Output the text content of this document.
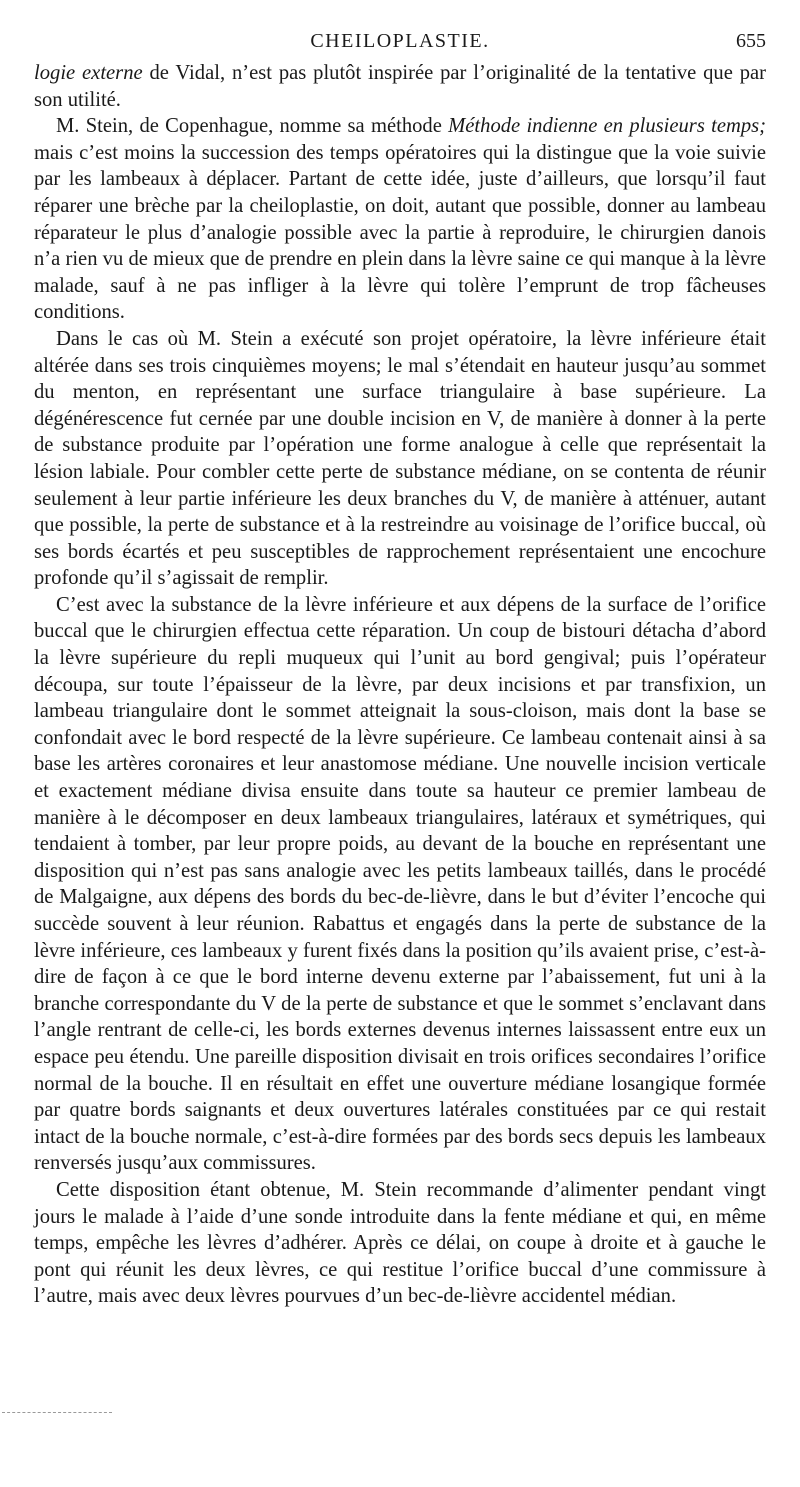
CHEILOPLASTIE.	655

logie externe de Vidal, n’est pas plutôt inspirée par l’originalité de la tentative que par son utilité.

M. Stein, de Copenhague, nomme sa méthode Méthode indienne en plusieurs temps; mais c’est moins la succession des temps opératoires qui la distingue que la voie suivie par les lambeaux à déplacer. Partant de cette idée, juste d’ailleurs, que lorsqu’il faut réparer une brèche par la cheiloplastie, on doit, autant que possible, donner au lambeau réparateur le plus d’analogie possible avec la partie à reproduire, le chirurgien danois n’a rien vu de mieux que de prendre en plein dans la lèvre saine ce qui manque à la lèvre malade, sauf à ne pas infliger à la lèvre qui tolère l’emprunt de trop fâcheuses conditions.

Dans le cas où M. Stein a exécuté son projet opératoire, la lèvre inférieure était altérée dans ses trois cinquièmes moyens; le mal s’étendait en hauteur jusqu’au sommet du menton, en représentant une surface triangulaire à base supérieure. La dégénérescence fut cernée par une double incision en V, de manière à donner à la perte de substance produite par l’opération une forme analogue à celle que représentait la lésion labiale. Pour combler cette perte de substance médiane, on se contenta de réunir seulement à leur partie inférieure les deux branches du V, de manière à atténuer, autant que possible, la perte de substance et à la restreindre au voisinage de l’orifice buccal, où ses bords écartés et peu susceptibles de rapprochement représentaient une encochure profonde qu’il s’agissait de remplir.

C’est avec la substance de la lèvre inférieure et aux dépens de la surface de l’orifice buccal que le chirurgien effectua cette réparation. Un coup de bistouri détacha d’abord la lèvre supérieure du repli muqueux qui l’unit au bord gengival; puis l’opérateur découpa, sur toute l’épaisseur de la lèvre, par deux incisions et par transfixion, un lambeau triangulaire dont le sommet atteignait la sous-cloison, mais dont la base se confondait avec le bord respecté de la lèvre supérieure. Ce lambeau contenait ainsi à sa base les artères coronaires et leur anastomose médiane. Une nouvelle incision verticale et exactement médiane divisa ensuite dans toute sa hauteur ce premier lambeau de manière à le décomposer en deux lambeaux triangulaires, latéraux et symétriques, qui tendaient à tomber, par leur propre poids, au devant de la bouche en représentant une disposition qui n’est pas sans analogie avec les petits lambeaux taillés, dans le procédé de Malgaigne, aux dépens des bords du bec-de-lièvre, dans le but d’éviter l’encoche qui succède souvent à leur réunion. Rabattus et engagés dans la perte de substance de la lèvre inférieure, ces lambeaux y furent fixés dans la position qu’ils avaient prise, c’est-à-dire de façon à ce que le bord interne devenu externe par l’abaissement, fut uni à la branche correspondante du V de la perte de substance et que le sommet s’enclavant dans l’angle rentrant de celle-ci, les bords externes devenus internes laissassent entre eux un espace peu étendu. Une pareille disposition divisait en trois orifices secondaires l’orifice normal de la bouche. Il en résultait en effet une ouverture médiane losangique formée par quatre bords saignants et deux ouvertures latérales constituées par ce qui restait intact de la bouche normale, c’est-à-dire formées par des bords secs depuis les lambeaux renversés jusqu’aux commissures.

Cette disposition étant obtenue, M. Stein recommande d’alimenter pendant vingt jours le malade à l’aide d’une sonde introduite dans la fente médiane et qui, en même temps, empêche les lèvres d’adhérer. Après ce délai, on coupe à droite et à gauche le pont qui réunit les deux lèvres, ce qui restitue l’orifice buccal d’une commissure à l’autre, mais avec deux lèvres pourvues d’un bec-de-lièvre accidentel médian.
